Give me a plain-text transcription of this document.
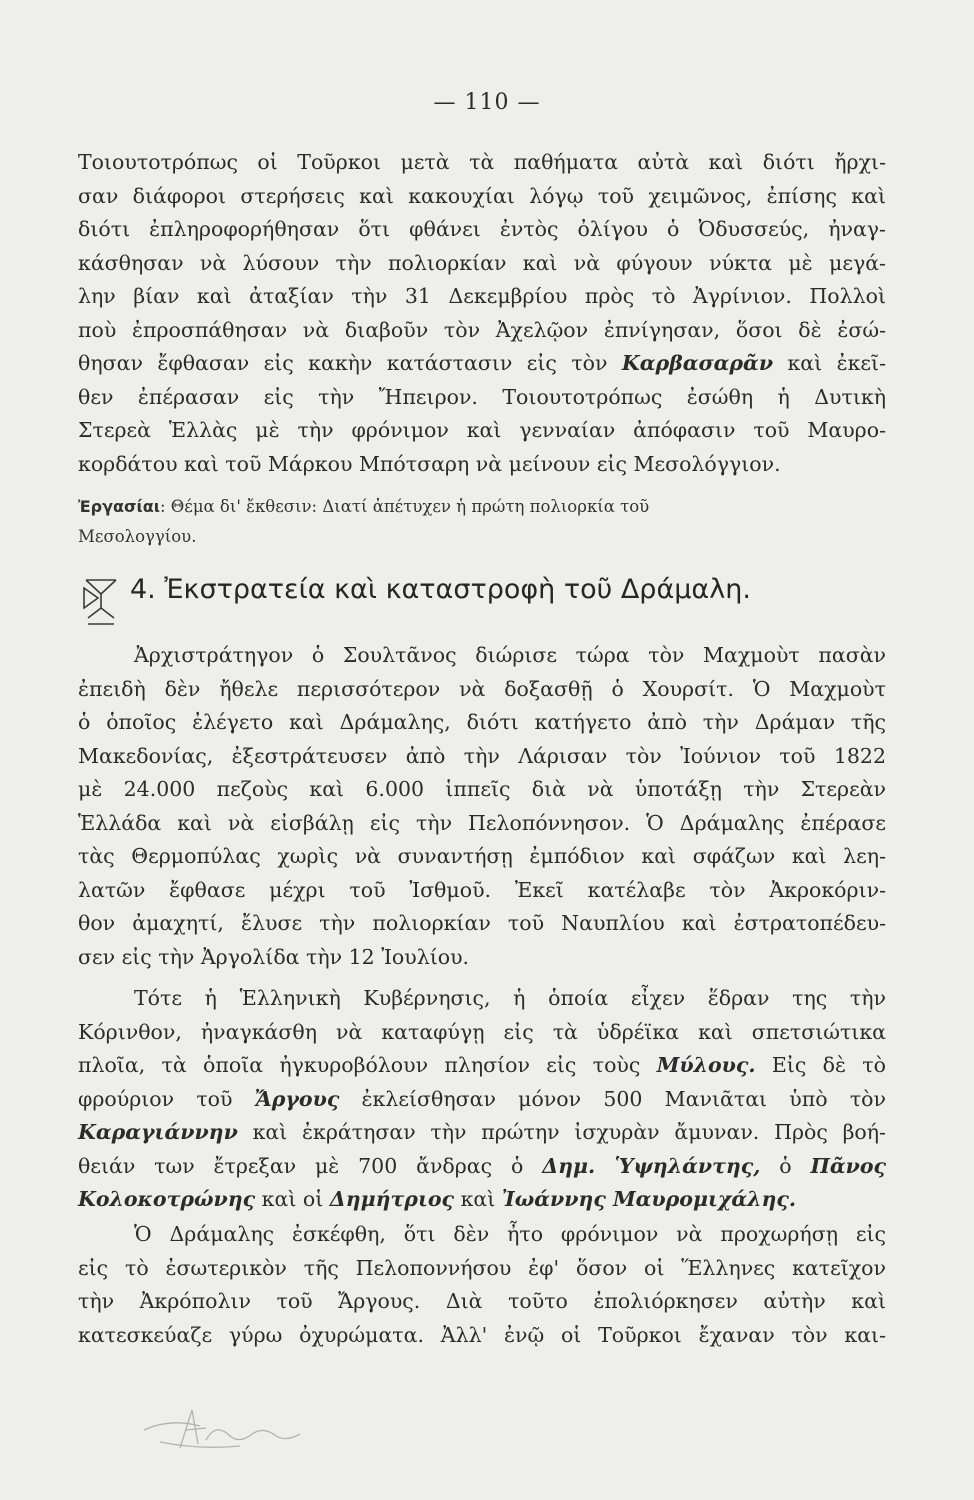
— 110 —
Τοιουτοτρόπως οἱ Τοῦρκοι μετὰ τὰ παθήματα αὐτὰ καὶ διότι ἤρχι-
σαν διάφοροι στερήσεις καὶ κακουχίαι λόγῳ τοῦ χειμῶνος, ἐπίσης καὶ
διότι ἐπληροφορήθησαν ὅτι φθάνει ἐντὸς ὀλίγου ὁ Ὀδυσσεύς, ἠναγ-
κάσθησαν νὰ λύσουν τὴν πολιορκίαν καὶ νὰ φύγουν νύκτα μὲ μεγά-
λην βίαν καὶ ἀταξίαν τὴν 31 Δεκεμβρίου πρὸς τὸ Ἀγρίνιον. Πολλοὶ
ποὺ ἐπροσπάθησαν νὰ διαβοῦν τὸν Ἀχελῷον ἐπνίγησαν, ὅσοι δὲ ἐσώ-
θησαν ἔφθασαν εἰς κακὴν κατάστασιν εἰς τὸν Καρβασαρᾶν καὶ ἐκεῖ-
θεν ἐπέρασαν εἰς τὴν Ἤπειρον. Τοιουτοτρόπως ἐσώθη ἡ Δυτικὴ
Στερεὰ Ἑλλὰς μὲ τὴν φρόνιμον καὶ γενναίαν ἀπόφασιν τοῦ Μαυρο-
κορδάτου καὶ τοῦ Μάρκου Μπότσαρη νὰ μείνουν εἰς Μεσολόγγιον.
Ἐργασίαι: Θέμα δι' ἔκθεσιν: Διατί ἀπέτυχεν ἡ πρώτη πολιορκία τοῦ
Μεσολογγίου.
4. Ἐκστρατεία καὶ καταστροφὴ τοῦ Δράμαλη.
Ἀρχιστράτηγον ὁ Σουλτᾶνος διώρισε τώρα τὸν Μαχμοὺτ πασὰν
ἐπειδὴ δὲν ἤθελε περισσότερον νὰ δοξασθῇ ὁ Χουρσίτ. Ὁ Μαχμοὺτ
ὁ ὁποῖος ἐλέγετο καὶ Δράμαλης, διότι κατήγετο ἀπὸ τὴν Δράμαν τῆς
Μακεδονίας, ἐξεστράτευσεν ἀπὸ τὴν Λάρισαν τὸν Ἰούνιον τοῦ 1822
μὲ 24.000 πεζοὺς καὶ 6.000 ἱππεῖς διὰ νὰ ὑποτάξῃ τὴν Στερεὰν
Ἑλλάδα καὶ νὰ εἰσβάλῃ εἰς τὴν Πελοπόννησον. Ὁ Δράμαλης ἐπέρασε
τὰς Θερμοπύλας χωρὶς νὰ συναντήσῃ ἐμπόδιον καὶ σφάζων καὶ λεη-
λατῶν ἔφθασε μέχρι τοῦ Ἰσθμοῦ. Ἐκεῖ κατέλαβε τὸν Ἀκροκόριν-
θον ἀμαχητί, ἔλυσε τὴν πολιορκίαν τοῦ Ναυπλίου καὶ ἐστρατοπέδευ-
σεν εἰς τὴν Ἀργολίδα τὴν 12 Ἰουλίου.
Τότε ἡ Ἑλληνικὴ Κυβέρνησις, ἡ ὁποία εἶχεν ἕδραν της τὴν
Κόρινθον, ἠναγκάσθη νὰ καταφύγῃ εἰς τὰ ὑδρέϊκα καὶ σπετσιώτικα
πλοῖα, τὰ ὁποῖα ἠγκυροβόλουν πλησίον εἰς τοὺς Μύλους. Εἰς δὲ τὸ
φρούριον τοῦ Ἄργους ἐκλείσθησαν μόνον 500 Μανιᾶται ὑπὸ τὸν
Καραγιάννην καὶ ἐκράτησαν τὴν πρώτην ἰσχυρὰν ἄμυναν. Πρὸς βοή-
θειάν των ἔτρεξαν μὲ 700 ἄνδρας ὁ Δημ. Ὑψηλάντης, ὁ Πᾶνος
Κολοκοτρώνης καὶ οἱ Δημήτριος καὶ Ἰωάννης Μαυρομιχάλης.
Ὁ Δράμαλης ἐσκέφθη, ὅτι δὲν ἦτο φρόνιμον νὰ προχωρήσῃ εἰς
εἰς τὸ ἐσωτερικὸν τῆς Πελοποννήσου ἐφ' ὅσον οἱ Ἕλληνες κατεῖχον
τὴν Ἀκρόπολιν τοῦ Ἄργους. Διὰ τοῦτο ἐπολιόρκησεν αὐτὴν καὶ
κατεσκεύαζε γύρω ὀχυρώματα. Ἀλλ' ἐνῷ οἱ Τοῦρκοι ἔχαναν τὸν και-
